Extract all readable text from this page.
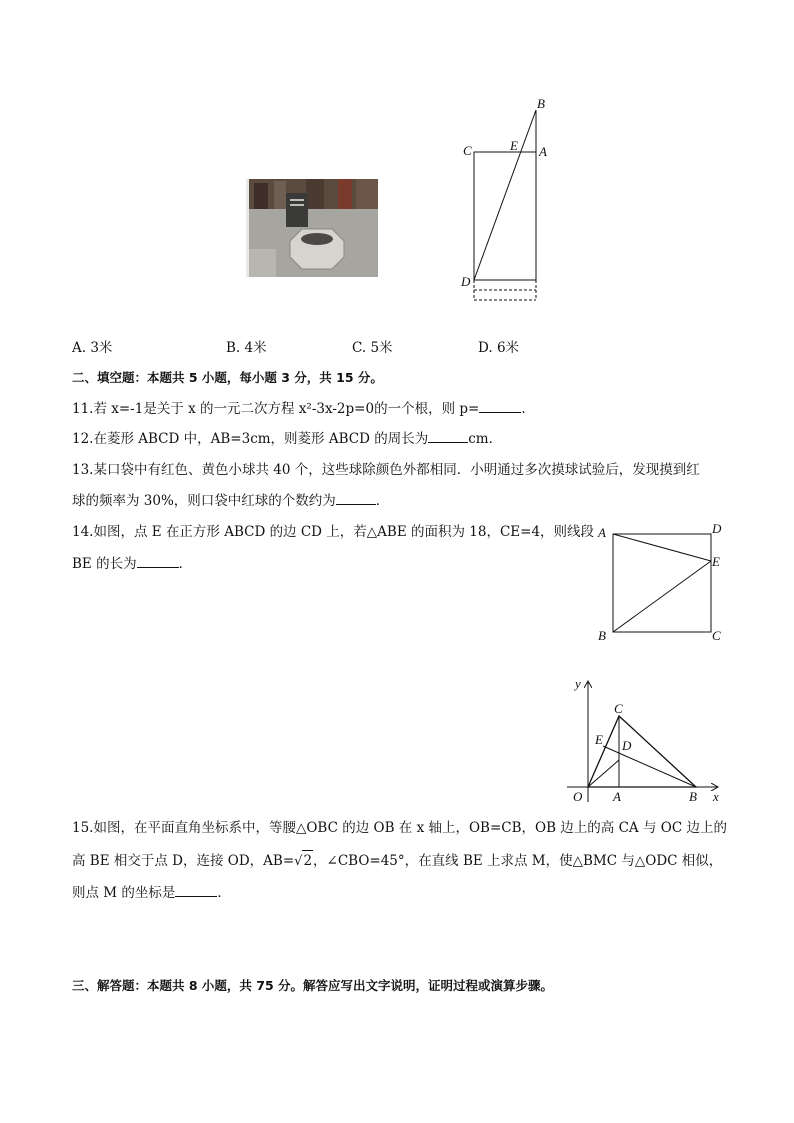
B
C	E A
D
A. 3米	B. 4米	C. 5米	D. 6米
二、填空题：本题共 5 小题，每小题 3 分，共 15 分。
11.若 x=-1是关于 x 的一元二次方程 x²-3x-2p=0的一个根，则 p=	.
12.在菱形 ABCD 中，AB=3cm，则菱形 ABCD 的周长为	cm．
13.某口袋中有红色、黄色小球共 40 个，这些球除颜色外都相同．小明通过多次摸球试验后，发现摸到红
球的频率为 30%，则口袋中红球的个数约为	．
14.如图，点 E 在正方形 ABCD 的边 CD 上，若△ABE 的面积为 18，CE=4，则线段
BE 的长为	．
A	D
E
B	C
y
x
C
E D
O A	B
15.如图，在平面直角坐标系中，等腰△OBC 的边 OB 在 x 轴上，OB=CB，OB 边上的高 CA 与 OC 边上的
高 BE 相交于点 D，连接 OD，AB=√2，∠CBO=45°，在直线 BE 上求点 M，使△BMC 与△ODC 相似，
则点 M 的坐标是	．
三、解答题：本题共 8 小题，共 75 分。解答应写出文字说明，证明过程或演算步骤。
